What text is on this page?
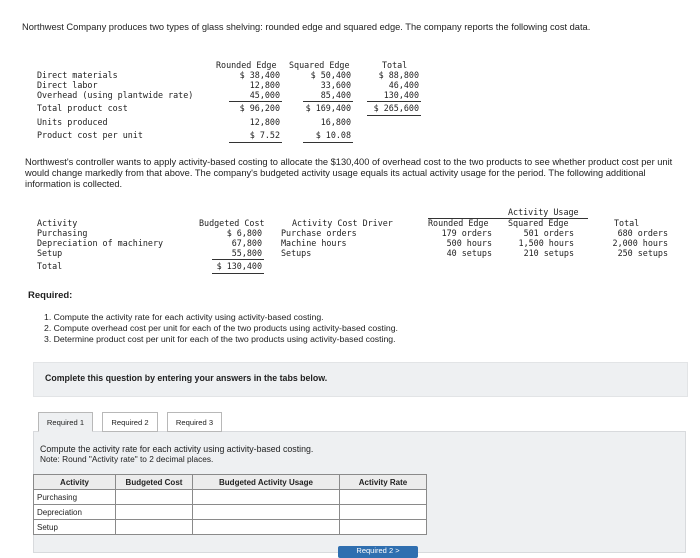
Northwest Company produces two types of glass shelving: rounded edge and squared edge. The company reports the following cost data.
Rounded Edge Squared Edge	Total
Direct materials	$ 38,400	$ 50,400	$ 88,800
Direct labor	12,800	33,600	46,400
Overhead (using plantwide rate)	45,000	85,400	130,400
Total product cost	$ 96,200	$ 169,400	$ 265,600
Units produced	12,800	16,800
Product cost per unit	$ 7.52	$ 10.08
Northwest's controller wants to apply activity-based costing to allocate the $130,400 of overhead cost to the two products to see whether product cost per unit would change markedly from that above. The company's budgeted activity usage equals its actual activity usage for the period. The following additional information is collected.
Activity Usage
Activity	Budgeted Cost	Activity Cost Driver	Rounded Edge Squared Edge	Total
Purchasing	$ 6,800 Purchase orders	179 orders	501 orders	680 orders
Depreciation of machinery	67,800 Machine hours	500 hours	1,500 hours	2,000 hours
Setup	55,800 Setups	40 setups	210 setups	250 setups
Total	$ 130,400
Required:
1. Compute the activity rate for each activity using activity-based costing.
2. Compute overhead cost per unit for each of the two products using activity-based costing.
3. Determine product cost per unit for each of the two products using activity-based costing.
Complete this question by entering your answers in the tabs below.
Required 1	Required 2	Required 3
Compute the activity rate for each activity using activity-based costing.
Note: Round "Activity rate" to 2 decimal places.
Activity	Budgeted Cost	Budgeted Activity Usage	Activity Rate
Purchasing			
Depreciation			
Setup			
Required 2 >
